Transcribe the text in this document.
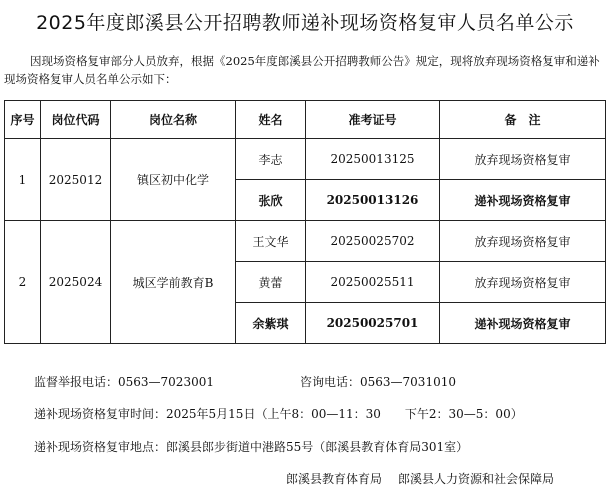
2025年度郎溪县公开招聘教师递补现场资格复审人员名单公示
因现场资格复审部分人员放弃，根据《2025年度郎溪县公开招聘教师公告》规定，现将放弃现场资格复审和递补现场资格复审人员名单公示如下：
序号	岗位代码	岗位名称	姓名	准考证号	备　注
1	2025012	镇区初中化学	李志	20250013125	放弃现场资格复审
			张欣	20250013126	递补现场资格复审
2	2025024	城区学前教育B	王文华	20250025702	放弃现场资格复审
			黄蕾	20250025511	放弃现场资格复审
			余紫琪	20250025701	递补现场资格复审
监督举报电话：0563—7023001	咨询电话：0563—7031010
递补现场资格复审时间：2025年5月15日（上午8：00—11：30　　下午2：30—5：00）
递补现场资格复审地点：郎溪县郎步街道中港路55号（郎溪县教育体育局301室）
郎溪县教育体育局 郎溪县人力资源和社会保障局
